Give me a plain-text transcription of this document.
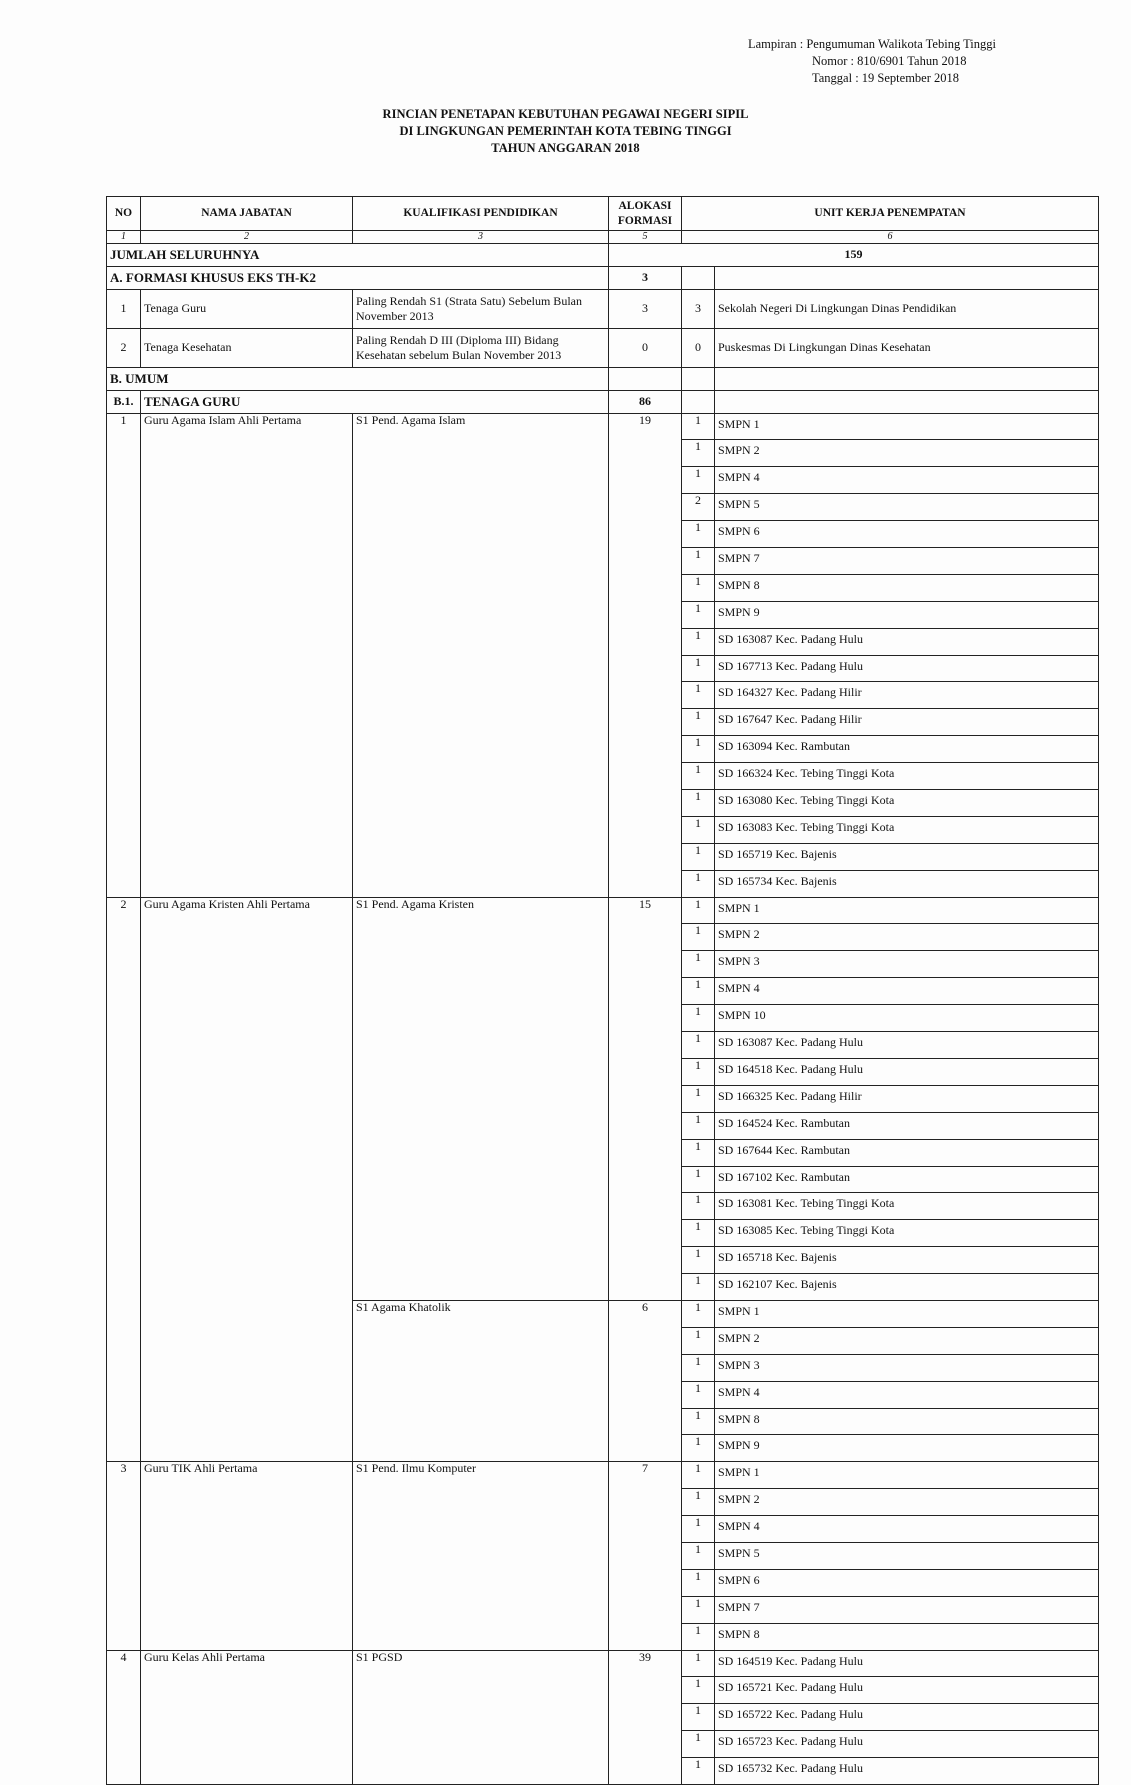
Lampiran : Pengumuman Walikota Tebing Tinggi
Nomor : 810/6901 Tahun 2018
Tanggal : 19 September 2018
RINCIAN PENETAPAN KEBUTUHAN PEGAWAI NEGERI SIPIL
DI LINGKUNGAN PEMERINTAH KOTA TEBING TINGGI
TAHUN ANGGARAN 2018
NO	NAMA JABATAN	KUALIFIKASI PENDIDIKAN	ALOKASI FORMASI	UNIT KERJA PENEMPATAN	
1	2	3	5	6	
JUMLAH SELURUHNYA			159		
A. FORMASI KHUSUS EKS TH-K2			3		
1	Tenaga Guru	Paling Rendah S1 (Strata Satu) Sebelum Bulan November 2013	3	3	Sekolah Negeri Di Lingkungan Dinas Pendidikan
2	Tenaga Kesehatan	Paling Rendah D III (Diploma III) Bidang Kesehatan sebelum Bulan November 2013	0	0	Puskesmas Di Lingkungan Dinas Kesehatan
B. UMUM					
B.1.	TENAGA GURU		86		
1	Guru Agama Islam Ahli Pertama	S1 Pend. Agama Islam	19	1	SMPN 1
				1	SMPN 2
				1	SMPN 4
				2	SMPN 5
				1	SMPN 6
				1	SMPN 7
				1	SMPN 8
				1	SMPN 9
				1	SD 163087 Kec. Padang Hulu
				1	SD 167713 Kec. Padang Hulu
				1	SD 164327 Kec. Padang Hilir
				1	SD 167647 Kec. Padang Hilir
				1	SD 163094 Kec. Rambutan
				1	SD 166324 Kec. Tebing Tinggi Kota
				1	SD 163080 Kec. Tebing Tinggi Kota
				1	SD 163083 Kec. Tebing Tinggi Kota
				1	SD 165719 Kec. Bajenis
				1	SD 165734 Kec. Bajenis
2	Guru Agama Kristen Ahli Pertama	S1 Pend. Agama Kristen	15	1	SMPN 1
				1	SMPN 2
				1	SMPN 3
				1	SMPN 4
				1	SMPN 10
				1	SD 163087 Kec. Padang Hulu
				1	SD 164518 Kec. Padang Hulu
				1	SD 166325 Kec. Padang Hilir
				1	SD 164524 Kec. Rambutan
				1	SD 167644 Kec. Rambutan
				1	SD 167102 Kec. Rambutan
				1	SD 163081 Kec. Tebing Tinggi Kota
				1	SD 163085 Kec. Tebing Tinggi Kota
				1	SD 165718 Kec. Bajenis
				1	SD 162107 Kec. Bajenis
		S1 Agama Khatolik	6	1	SMPN 1
				1	SMPN 2
				1	SMPN 3
				1	SMPN 4
				1	SMPN 8
				1	SMPN 9
3	Guru TIK Ahli Pertama	S1 Pend. Ilmu Komputer	7	1	SMPN 1
				1	SMPN 2
				1	SMPN 4
				1	SMPN 5
				1	SMPN 6
				1	SMPN 7
				1	SMPN 8
4	Guru Kelas Ahli Pertama	S1 PGSD	39	1	SD 164519 Kec. Padang Hulu
				1	SD 165721 Kec. Padang Hulu
				1	SD 165722 Kec. Padang Hulu
				1	SD 165723 Kec. Padang Hulu
				1	SD 165732 Kec. Padang Hulu
